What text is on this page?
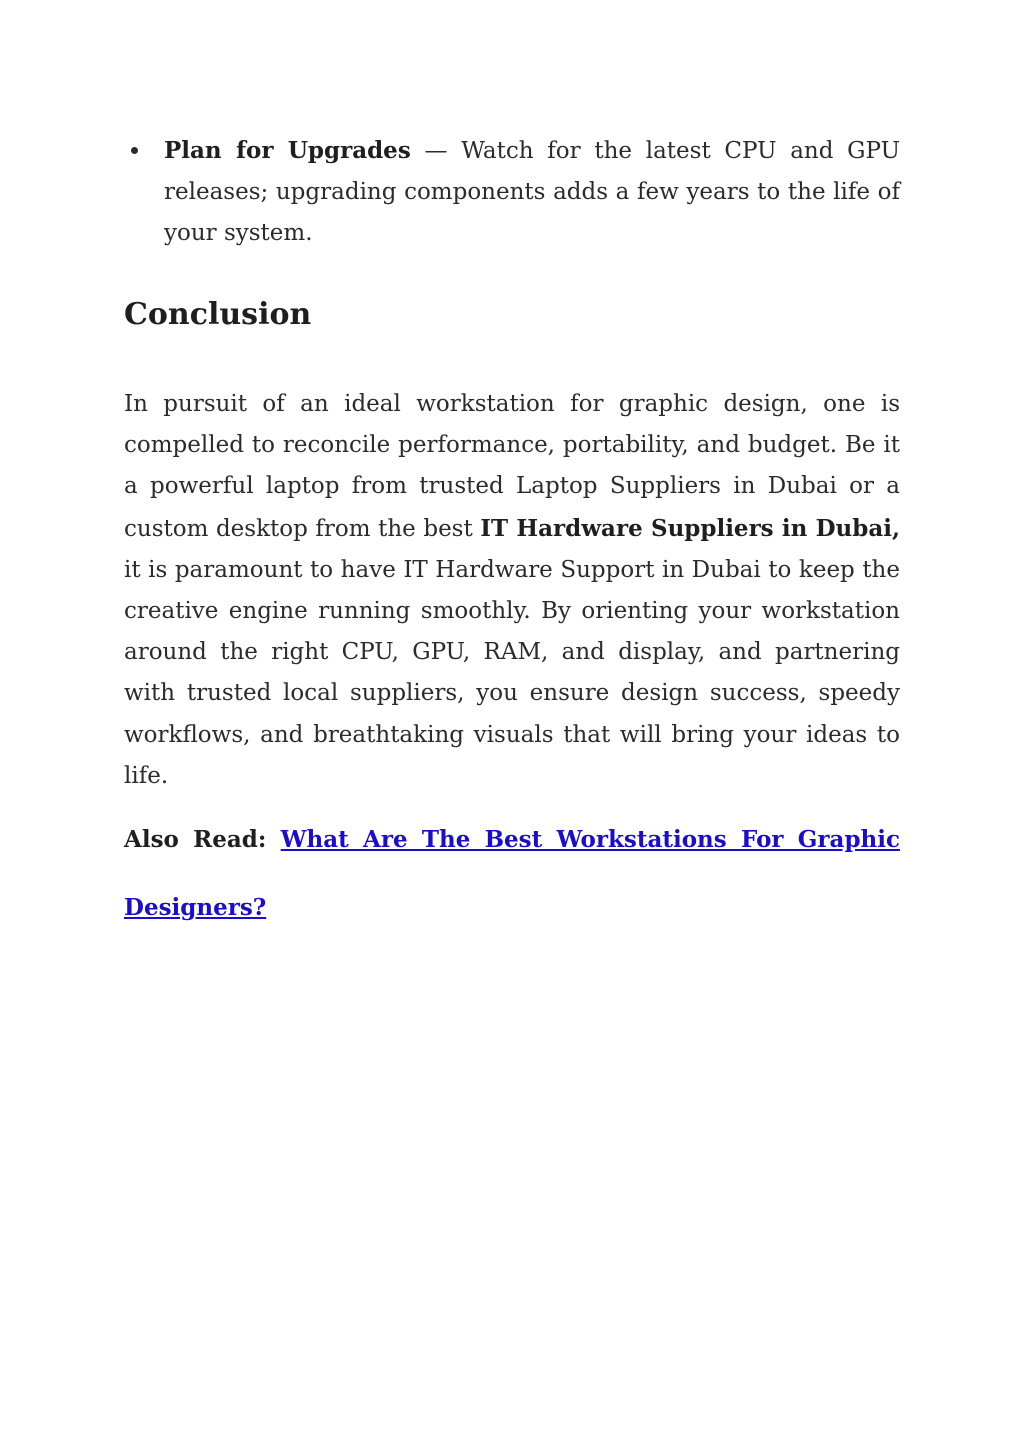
Plan for Upgrades — Watch for the latest CPU and GPU releases; upgrading components adds a few years to the life of your system.
Conclusion

In pursuit of an ideal workstation for graphic design, one is compelled to reconcile performance, portability, and budget. Be it a powerful laptop from trusted Laptop Suppliers in Dubai or a custom desktop from the best IT Hardware Suppliers in Dubai, it is paramount to have IT Hardware Support in Dubai to keep the creative engine running smoothly. By orienting your workstation around the right CPU, GPU, RAM, and display, and partnering with trusted local suppliers, you ensure design success, speedy workflows, and breathtaking visuals that will bring your ideas to life.

Also Read: What Are The Best Workstations For Graphic Designers?
